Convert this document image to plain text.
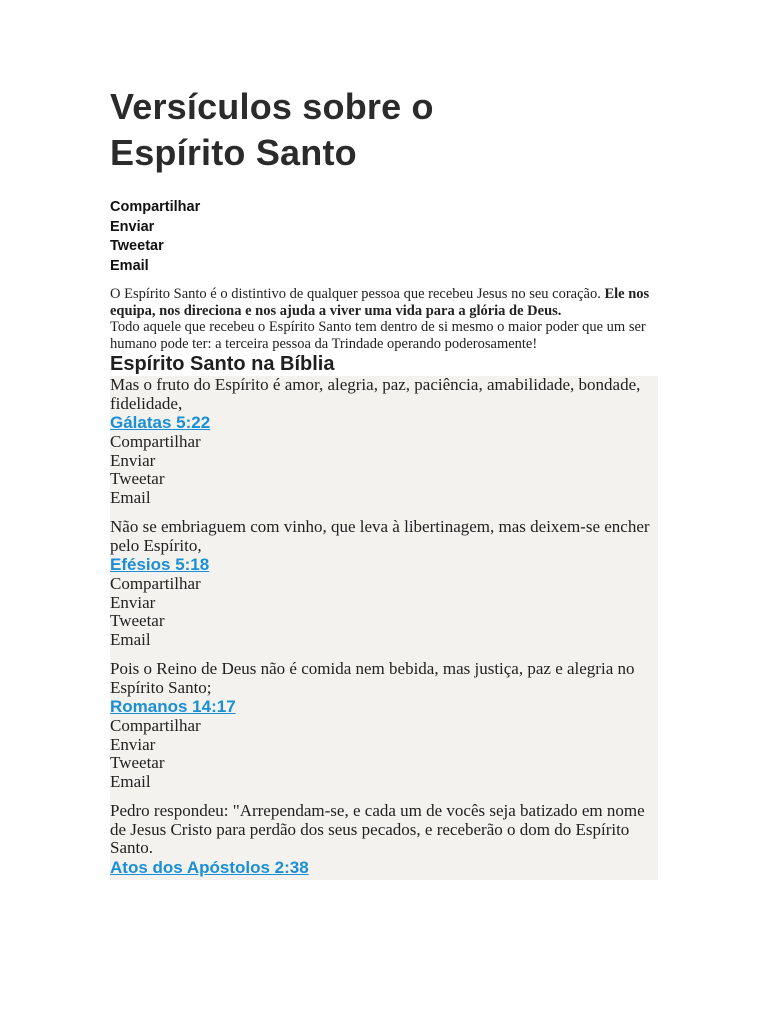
Versículos sobre o
Espírito Santo
Compartilhar
Enviar
Tweetar
Email
O Espírito Santo é o distintivo de qualquer pessoa que recebeu Jesus no seu coração. Ele nos equipa, nos direciona e nos ajuda a viver uma vida para a glória de Deus.
Todo aquele que recebeu o Espírito Santo tem dentro de si mesmo o maior poder que um ser humano pode ter: a terceira pessoa da Trindade operando poderosamente!
Espírito Santo na Bíblia
Mas o fruto do Espírito é amor, alegria, paz, paciência, amabilidade, bondade, fidelidade,
Gálatas 5:22
Compartilhar
Enviar
Tweetar
Email
Não se embriaguem com vinho, que leva à libertinagem, mas deixem-se encher pelo Espírito,
Efésios 5:18
Compartilhar
Enviar
Tweetar
Email
Pois o Reino de Deus não é comida nem bebida, mas justiça, paz e alegria no Espírito Santo;
Romanos 14:17
Compartilhar
Enviar
Tweetar
Email
Pedro respondeu: "Arrependam-se, e cada um de vocês seja batizado em nome de Jesus Cristo para perdão dos seus pecados, e receberão o dom do Espírito Santo.
Atos dos Apóstolos 2:38
